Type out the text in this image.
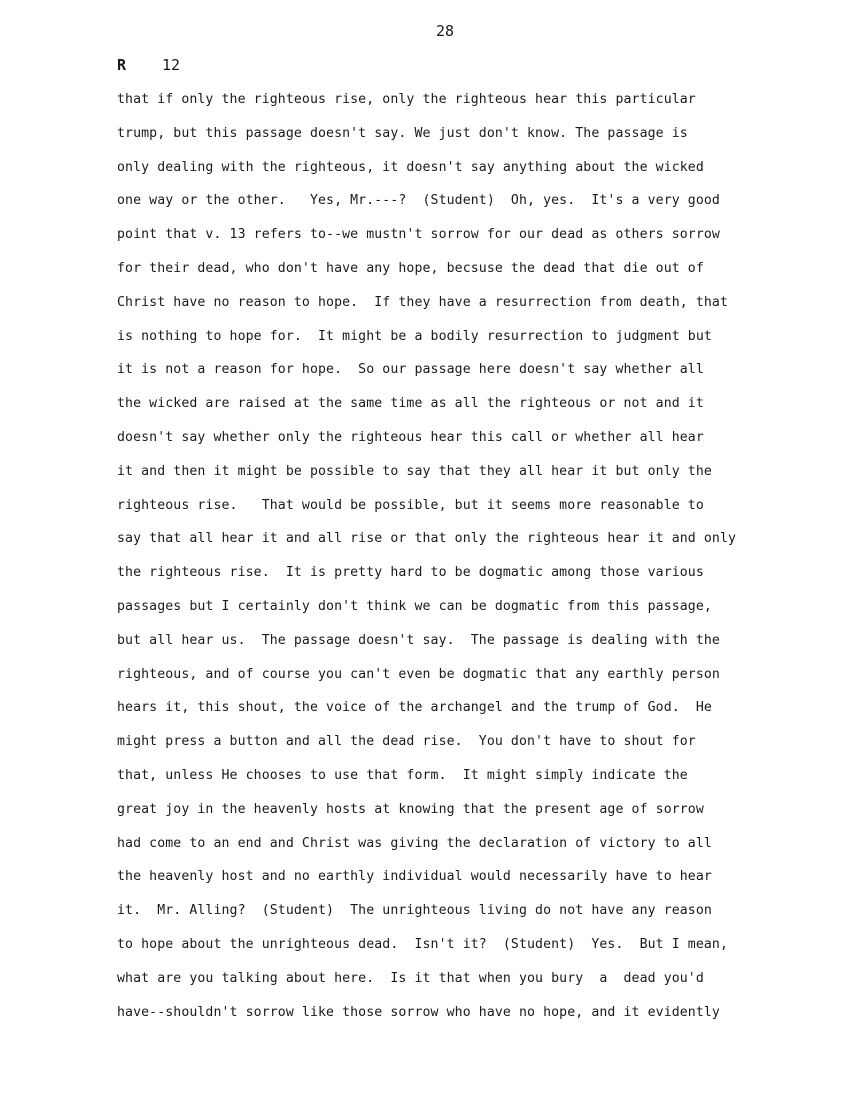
28
R 12
that if only the righteous rise, only the righteous hear this particular
trump, but this passage doesn't say. We just don't know. The passage is
only dealing with the righteous, it doesn't say anything about the wicked
one way or the other.   Yes, Mr.---?  (Student)  Oh, yes.  It's a very good
point that v. 13 refers to--we mustn't sorrow for our dead as others sorrow
for their dead, who don't have any hope, becsuse the dead that die out of
Christ have no reason to hope.  If they have a resurrection from death, that
is nothing to hope for.  It might be a bodily resurrection to judgment but
it is not a reason for hope.  So our passage here doesn't say whether all
the wicked are raised at the same time as all the righteous or not and it
doesn't say whether only the righteous hear this call or whether all hear
it and then it might be possible to say that they all hear it but only the
righteous rise.   That would be possible, but it seems more reasonable to
say that all hear it and all rise or that only the righteous hear it and only
the righteous rise.  It is pretty hard to be dogmatic among those various
passages but I certainly don't think we can be dogmatic from this passage,
but all hear us.  The passage doesn't say.  The passage is dealing with the
righteous, and of course you can't even be dogmatic that any earthly person
hears it, this shout, the voice of the archangel and the trump of God.  He
might press a button and all the dead rise.  You don't have to shout for
that, unless He chooses to use that form.  It might simply indicate the
great joy in the heavenly hosts at knowing that the present age of sorrow
had come to an end and Christ was giving the declaration of victory to all
the heavenly host and no earthly individual would necessarily have to hear
it.  Mr. Alling?  (Student)  The unrighteous living do not have any reason
to hope about the unrighteous dead.  Isn't it?  (Student)  Yes.  But I mean,
what are you talking about here.  Is it that when you bury  a  dead you'd
have--shouldn't sorrow like those sorrow who have no hope, and it evidently
